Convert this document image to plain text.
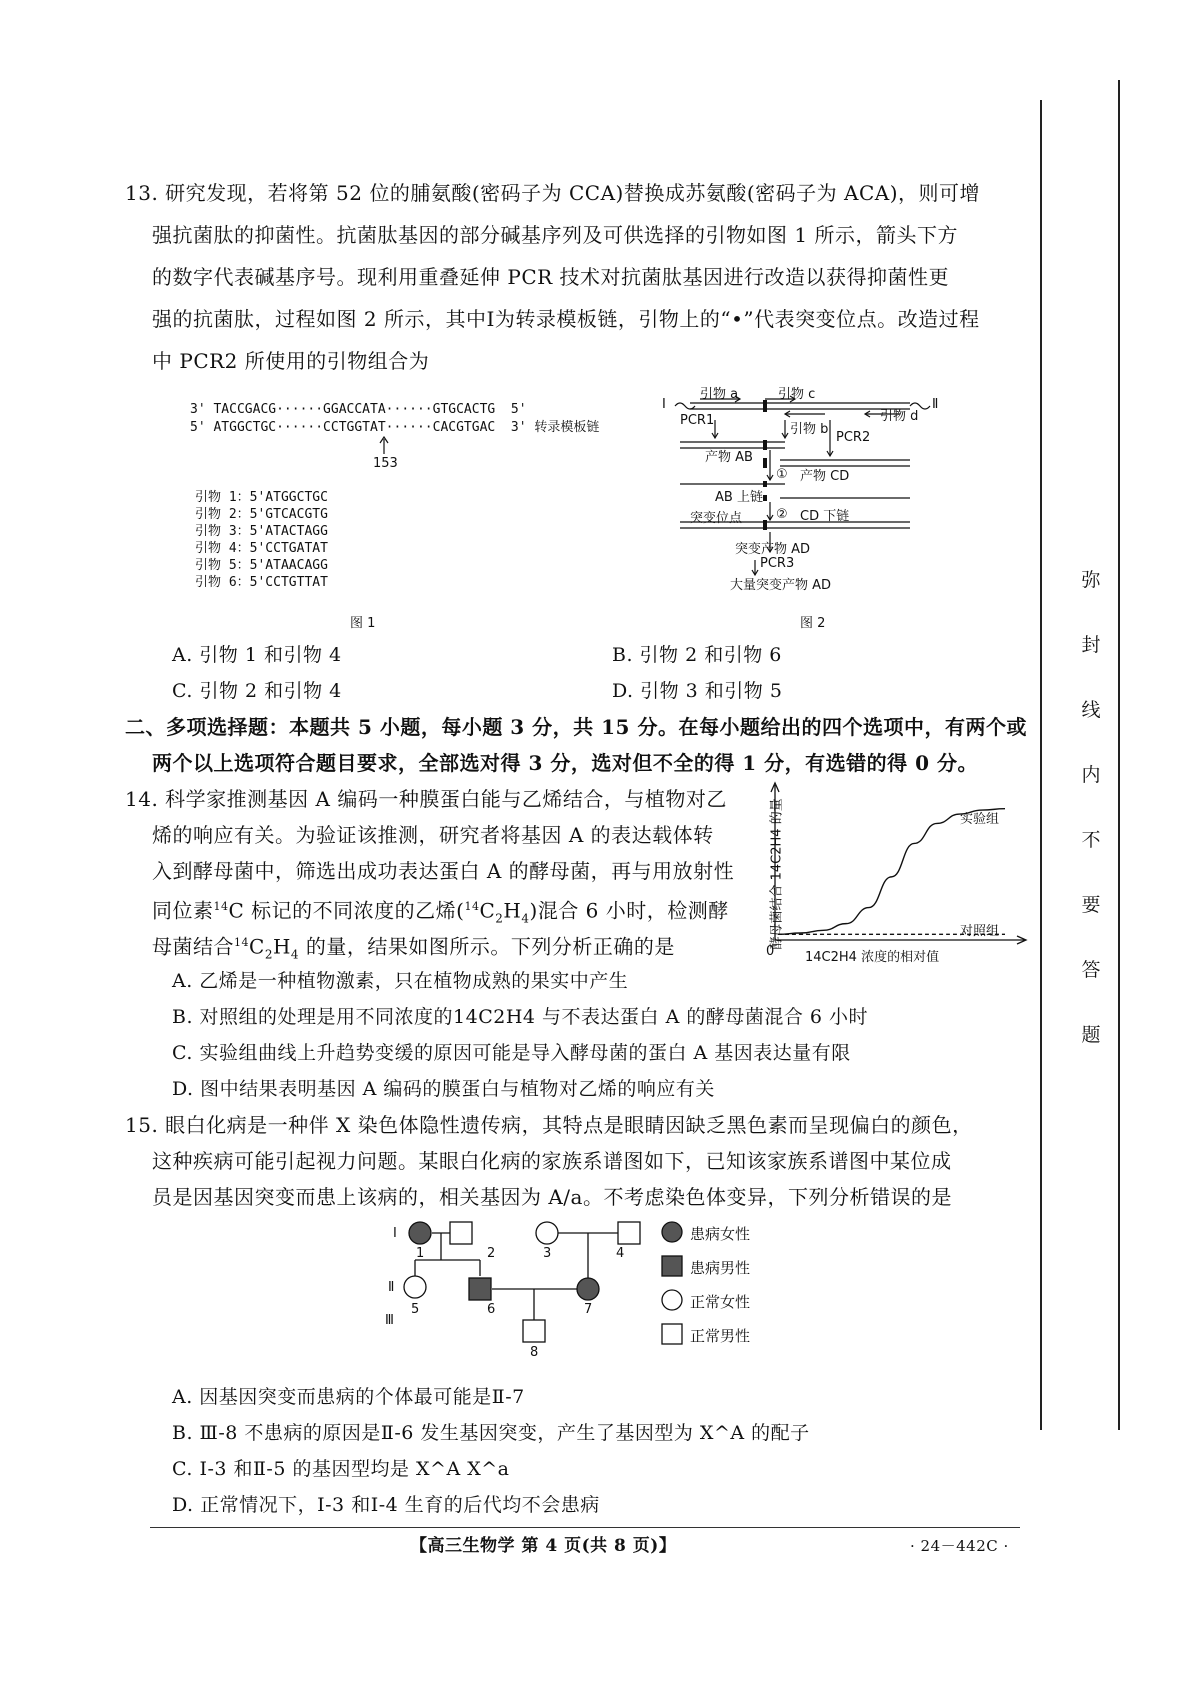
弥
封
线
内
不
要
答
题
13. 研究发现，若将第 52 位的脯氨酸(密码子为 CCA)替换成苏氨酸(密码子为 ACA)，则可增
强抗菌肽的抑菌性。抗菌肽基因的部分碱基序列及可供选择的引物如图 1 所示，箭头下方
的数字代表碱基序号。现利用重叠延伸 PCR 技术对抗菌肽基因进行改造以获得抑菌性更
强的抗菌肽，过程如图 2 所示，其中Ⅰ为转录模板链，引物上的“•”代表突变位点。改造过程
中 PCR2 所使用的引物组合为
3' TACCGACG······GGACCATA······GTGCACTG  5'
5' ATGGCTGC······CCTGGTAT······CACGTGAC  3' 转录模板链
153
引物 1：5'ATGGCTGC
引物 2：5'GTCACGTG
引物 3：5'ATACTAGG
引物 4：5'CCTGATAT
引物 5：5'ATAACAGG
引物 6：5'CCTGTTAT
图 1
Ⅰ	Ⅱ
引物 a	引物 c
PCR1
引物 b
引物 d
PCR2
产物 AB
① 产物 CD
AB 上链
② CD 下链
突变位点
突变产物 AD
PCR3
大量突变产物 AD
图 2
A. 引物 1 和引物 4	B. 引物 2 和引物 6
C. 引物 2 和引物 4	D. 引物 3 和引物 5
二、多项选择题：本题共 5 小题，每小题 3 分，共 15 分。在每小题给出的四个选项中，有两个或
两个以上选项符合题目要求，全部选对得 3 分，选对但不全的得 1 分，有选错的得 0 分。
14. 科学家推测基因 A 编码一种膜蛋白能与乙烯结合，与植物对乙
烯的响应有关。为验证该推测，研究者将基因 A 的表达载体转
入到酵母菌中，筛选出成功表达蛋白 A 的酵母菌，再与用放射性
同位素$^{14}$C 标记的不同浓度的乙烯$(^{14}C_2H_4)$混合 6 小时，检测酵
母菌结合$^{14}C_2H_4$ 的量，结果如图所示。下列分析正确的是	0 14C2H4 浓度的相对值
酵母菌结合 14C2H4 的量	实验组
对照组
A. 乙烯是一种植物激素，只在植物成熟的果实中产生
B. 对照组的处理是用不同浓度的14C2H4 与不表达蛋白 A 的酵母菌混合 6 小时
C. 实验组曲线上升趋势变缓的原因可能是导入酵母菌的蛋白 A 基因表达量有限
D. 图中结果表明基因 A 编码的膜蛋白与植物对乙烯的响应有关
15. 眼白化病是一种伴 X 染色体隐性遗传病，其特点是眼睛因缺乏黑色素而呈现偏白的颜色，
这种疾病可能引起视力问题。某眼白化病的家族系谱图如下，已知该家族系谱图中某位成
员是因基因突变而患上该病的，相关基因为 A/a。不考虑染色体变异，下列分析错误的是
Ⅰ
Ⅱ
Ⅲ
1	2	3	4
5	6	7
8
患病女性
患病男性
正常女性
正常男性
A. 因基因突变而患病的个体最可能是Ⅱ-7
B. Ⅲ-8 不患病的原因是Ⅱ-6 发生基因突变，产生了基因型为 X^A 的配子
C. Ⅰ-3 和Ⅱ-5 的基因型均是 X^A X^a
D. 正常情况下，Ⅰ-3 和Ⅰ-4 生育的后代均不会患病
【高三生物学 第 4 页(共 8 页)】	· 24－442C ·
